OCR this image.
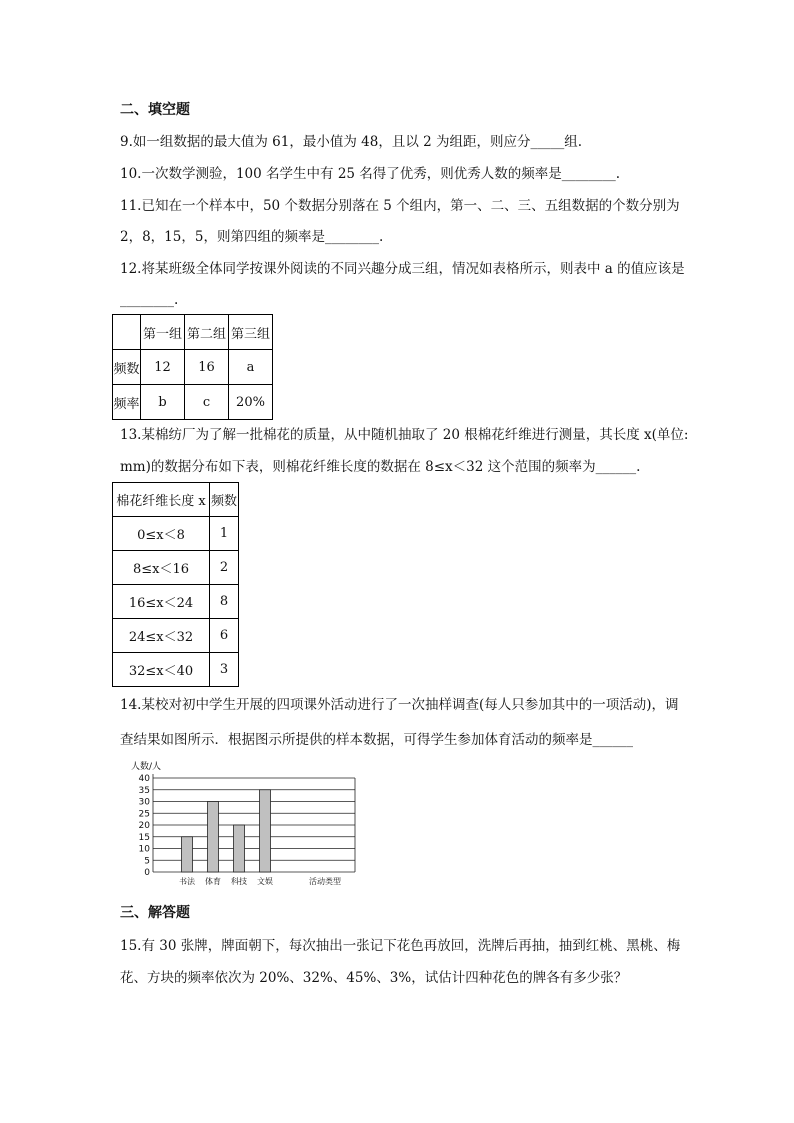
二、填空题
9.如一组数据的最大值为 61，最小值为 48，且以 2 为组距，则应分_____组.
10.一次数学测验，100 名学生中有 25 名得了优秀，则优秀人数的频率是________.
11.已知在一个样本中，50 个数据分别落在 5 个组内，第一、二、三、五组数据的个数分别为
2，8，15，5，则第四组的频率是________.
12.将某班级全体同学按课外阅读的不同兴趣分成三组，情况如表格所示，则表中 a 的值应该是
________.
	第一组	第二组	第三组
频数	12	16	a
频率	b	c	20%
13.某棉纺厂为了解一批棉花的质量，从中随机抽取了 20 根棉花纤维进行测量，其长度 x(单位:
mm)的数据分布如下表，则棉花纤维长度的数据在 8≤x＜32 这个范围的频率为______.
棉花纤维长度 x	频数
0≤x＜8	1
8≤x＜16	2
16≤x＜24	8
24≤x＜32	6
32≤x＜40	3
14.某校对初中学生开展的四项课外活动进行了一次抽样调查(每人只参加其中的一项活动)，调
查结果如图所示．根据图示所提供的样本数据，可得学生参加体育活动的频率是______
人数/人
活动类型
0
5
10
15
20
25
30
35
40
书法 体育 科技 文娱
三、解答题
15.有 30 张牌，牌面朝下，每次抽出一张记下花色再放回，洗牌后再抽，抽到红桃、黑桃、梅
花、方块的频率依次为 20%、32%、45%、3%，试估计四种花色的牌各有多少张？
